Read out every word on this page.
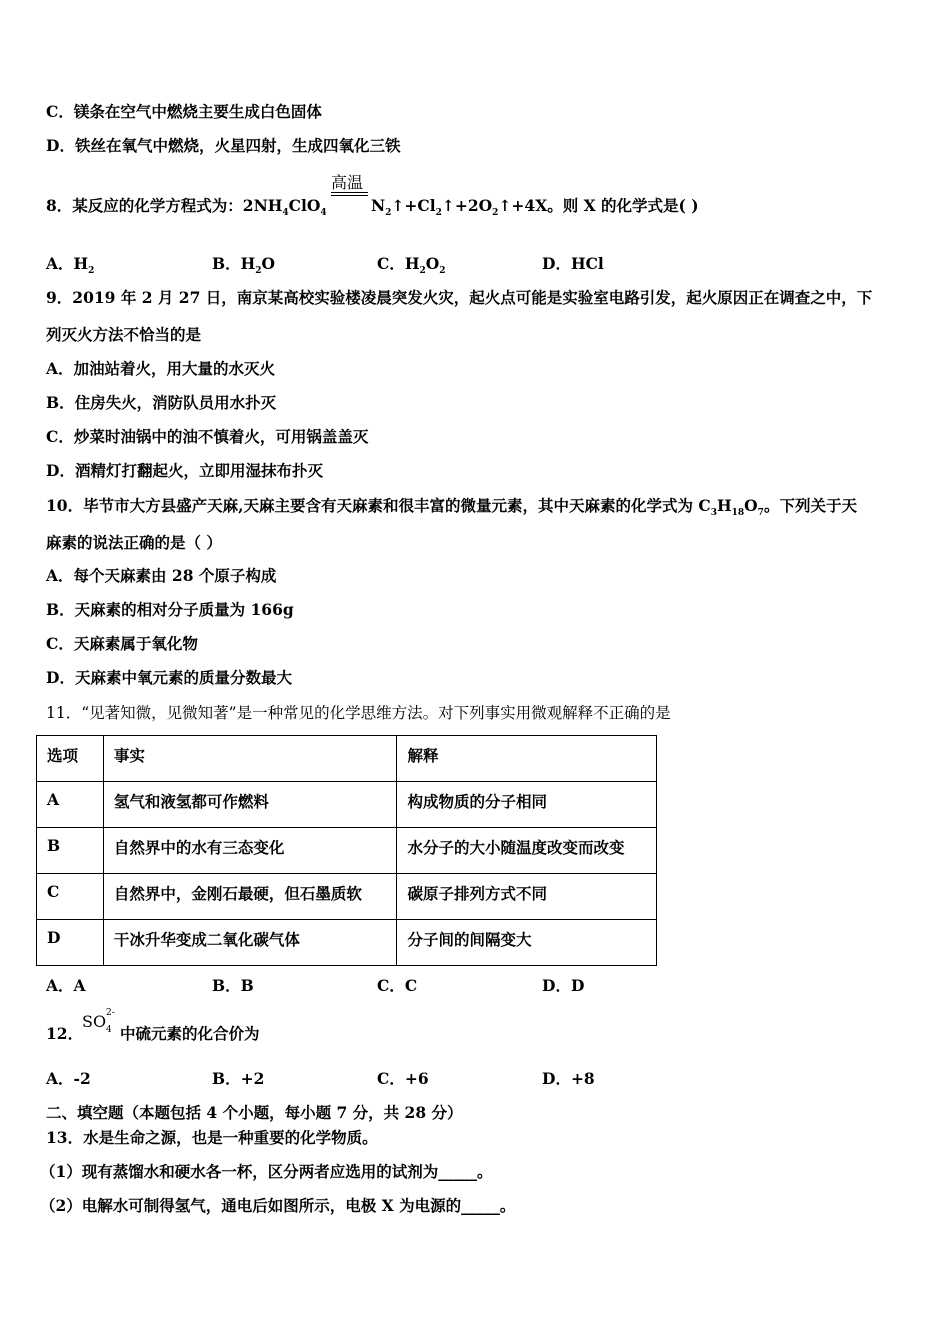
C．镁条在空气中燃烧主要生成白色固体
D．铁丝在氧气中燃烧，火星四射，生成四氧化三铁
高温
8．某反应的化学方程式为：$2NH_4ClO_4$	$N_2↑+Cl_2↑+2O_2↑+4X$。则 X 的化学式是( )
A．$H_2$	B．$H_2O$	C．$H_2O_2$	D．HCl
9．2019 年 2 月 27 日，南京某高校实验楼凌晨突发火灾，起火点可能是实验室电路引发，起火原因正在调查之中，下
列灭火方法不恰当的是
A．加油站着火，用大量的水灭火
B．住房失火，消防队员用水扑灭
C．炒菜时油锅中的油不慎着火，可用锅盖盖灭
D．酒精灯打翻起火，立即用湿抹布扑灭
10．毕节市大方县盛产天麻,天麻主要含有天麻素和很丰富的微量元素，其中天麻素的化学式为 $C_3H_{18}O_7$。下列关于天
麻素的说法正确的是（ ）
A．每个天麻素由 28 个原子构成
B．天麻素的相对分子质量为 166g
C．天麻素属于氧化物
D．天麻素中氧元素的质量分数最大
11．“见著知微，见微知著”是一种常见的化学思维方法。对下列事实用微观解释不正确的是
选项	事实	解释
A	氢气和液氢都可作燃料	构成物质的分子相同
B	自然界中的水有三态变化	水分子的大小随温度改变而改变
C	自然界中，金刚石最硬，但石墨质软	碳原子排列方式不同
D	干冰升华变成二氧化碳气体	分子间的间隔变大
A．A	B．B	C．C	D．D
12．
SO 2-
4 中硫元素的化合价为
A．-2	B．+2	C．+6	D．+8
二、填空题（本题包括 4 个小题，每小题 7 分，共 28 分）
13．水是生命之源，也是一种重要的化学物质。
（1）现有蒸馏水和硬水各一杯，区分两者应选用的试剂为_____。
（2）电解水可制得氢气，通电后如图所示，电极 X 为电源的_____。
